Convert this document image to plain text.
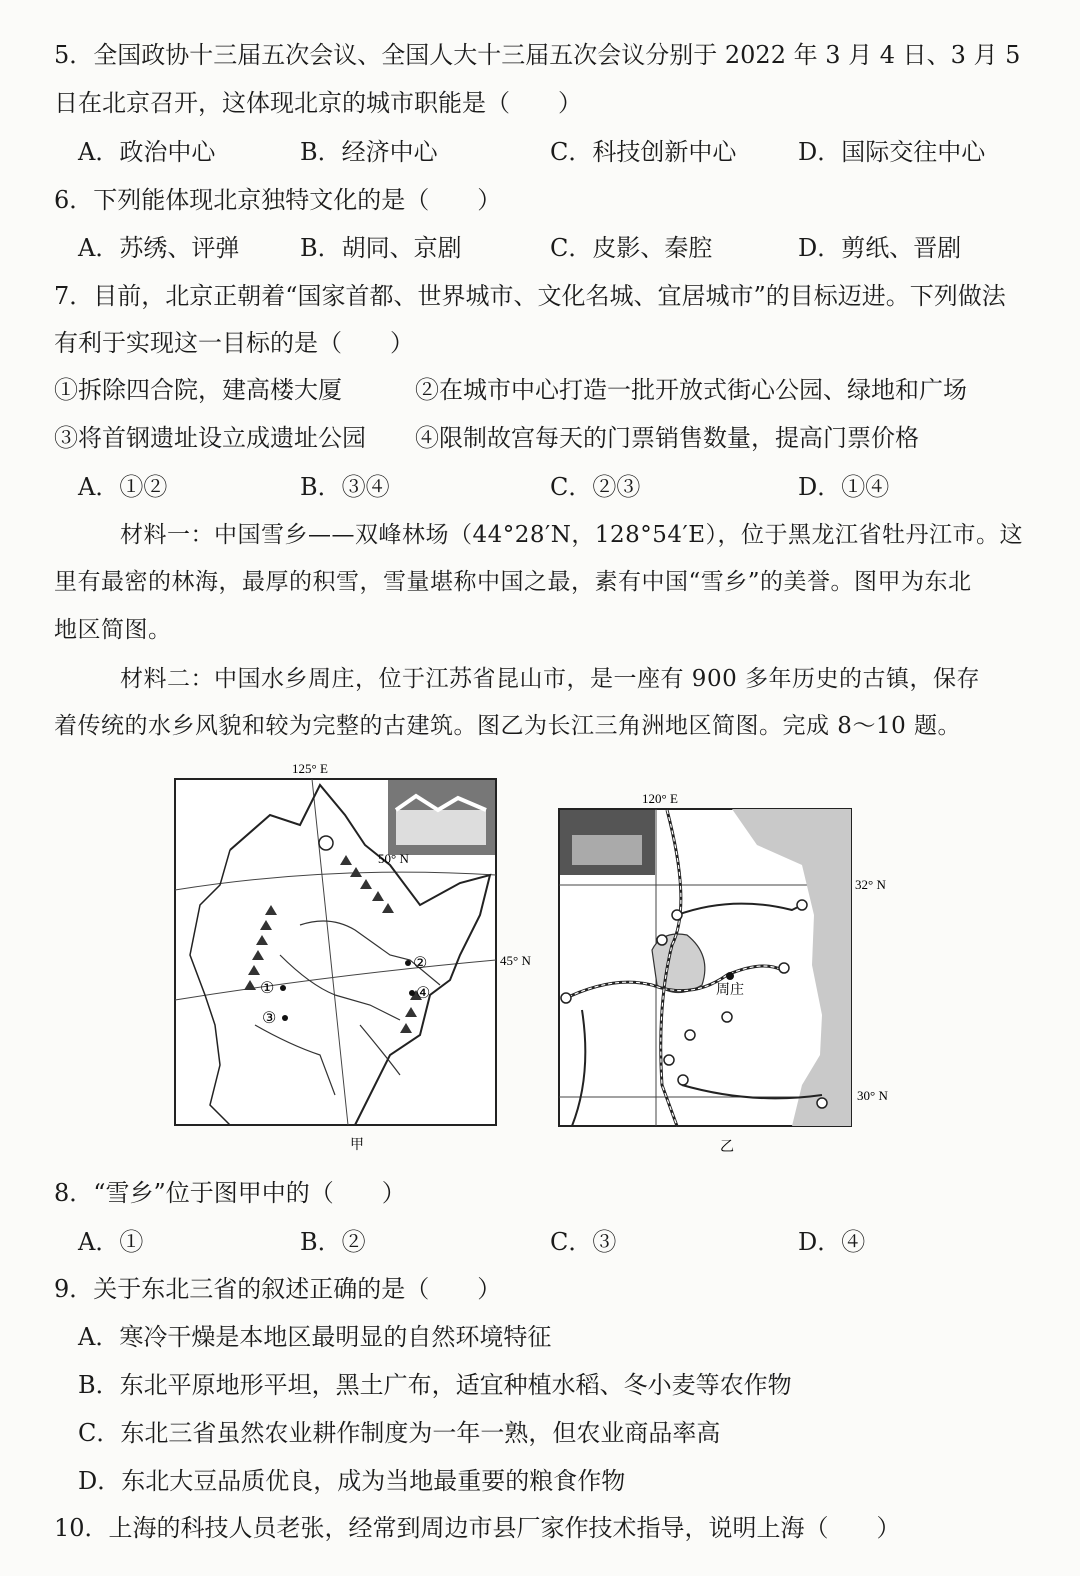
5．全国政协十三届五次会议、全国人大十三届五次会议分别于 2022 年 3 月 4 日、3 月 5
日在北京召开，这体现北京的城市职能是（　　）
A．政治中心	B．经济中心	C．科技创新中心	D．国际交往中心
6．下列能体现北京独特文化的是（　　）
A．苏绣、评弹	B．胡同、京剧	C．皮影、秦腔	D．剪纸、晋剧
7．目前，北京正朝着“国家首都、世界城市、文化名城、宜居城市”的目标迈进。下列做法
有利于实现这一目标的是（　　）
①拆除四合院，建高楼大厦	②在城市中心打造一批开放式街心公园、绿地和广场
③将首钢遗址设立成遗址公园 ④限制故宫每天的门票销售数量，提高门票价格
A．①②	B．③④	C．②③	D．①④
材料一：中国雪乡——双峰林场（44°28′N，128°54′E），位于黑龙江省牡丹江市。这
里有最密的林海，最厚的积雪，雪量堪称中国之最，素有中国“雪乡”的美誉。图甲为东北
地区简图。
材料二：中国水乡周庄，位于江苏省昆山市，是一座有 900 多年历史的古镇，保存
着传统的水乡风貌和较为完整的古建筑。图乙为长江三角洲地区简图。完成 8～10 题。
②
①
③
④
125° E
50° N
45° N
甲
周庄
120° E
32° N
30° N
乙
8．“雪乡”位于图甲中的（　　）
A．①	B．②	C．③	D．④
9．关于东北三省的叙述正确的是（　　）
A．寒冷干燥是本地区最明显的自然环境特征
B．东北平原地形平坦，黑土广布，适宜种植水稻、冬小麦等农作物
C．东北三省虽然农业耕作制度为一年一熟，但农业商品率高
D．东北大豆品质优良，成为当地最重要的粮食作物
10．上海的科技人员老张，经常到周边市县厂家作技术指导，说明上海（　　）
